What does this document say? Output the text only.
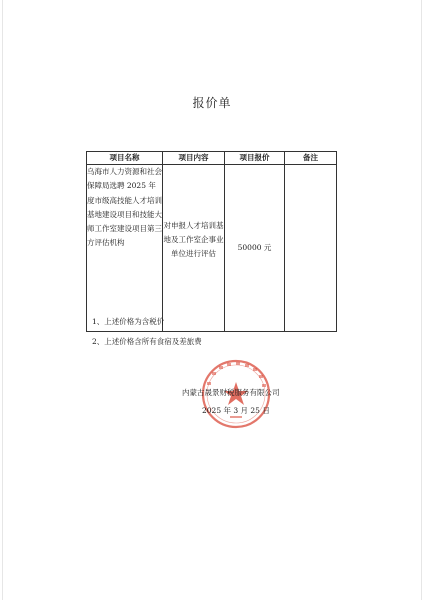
报价单
项目名称	项目内容	项目报价	备注
乌海市人力资源和社会保障局选聘 2025 年度市级高技能人才培训基地建设项目和技能大师工作室建设项目第三方评估机构	对申报人才培训基地及工作室企事业单位进行评估	50000 元	
1、上述价格为含税价
2、上述价格含所有食宿及差旅费
内蒙古晟景财税服务有限公司
2025 年 3 月 25 日
